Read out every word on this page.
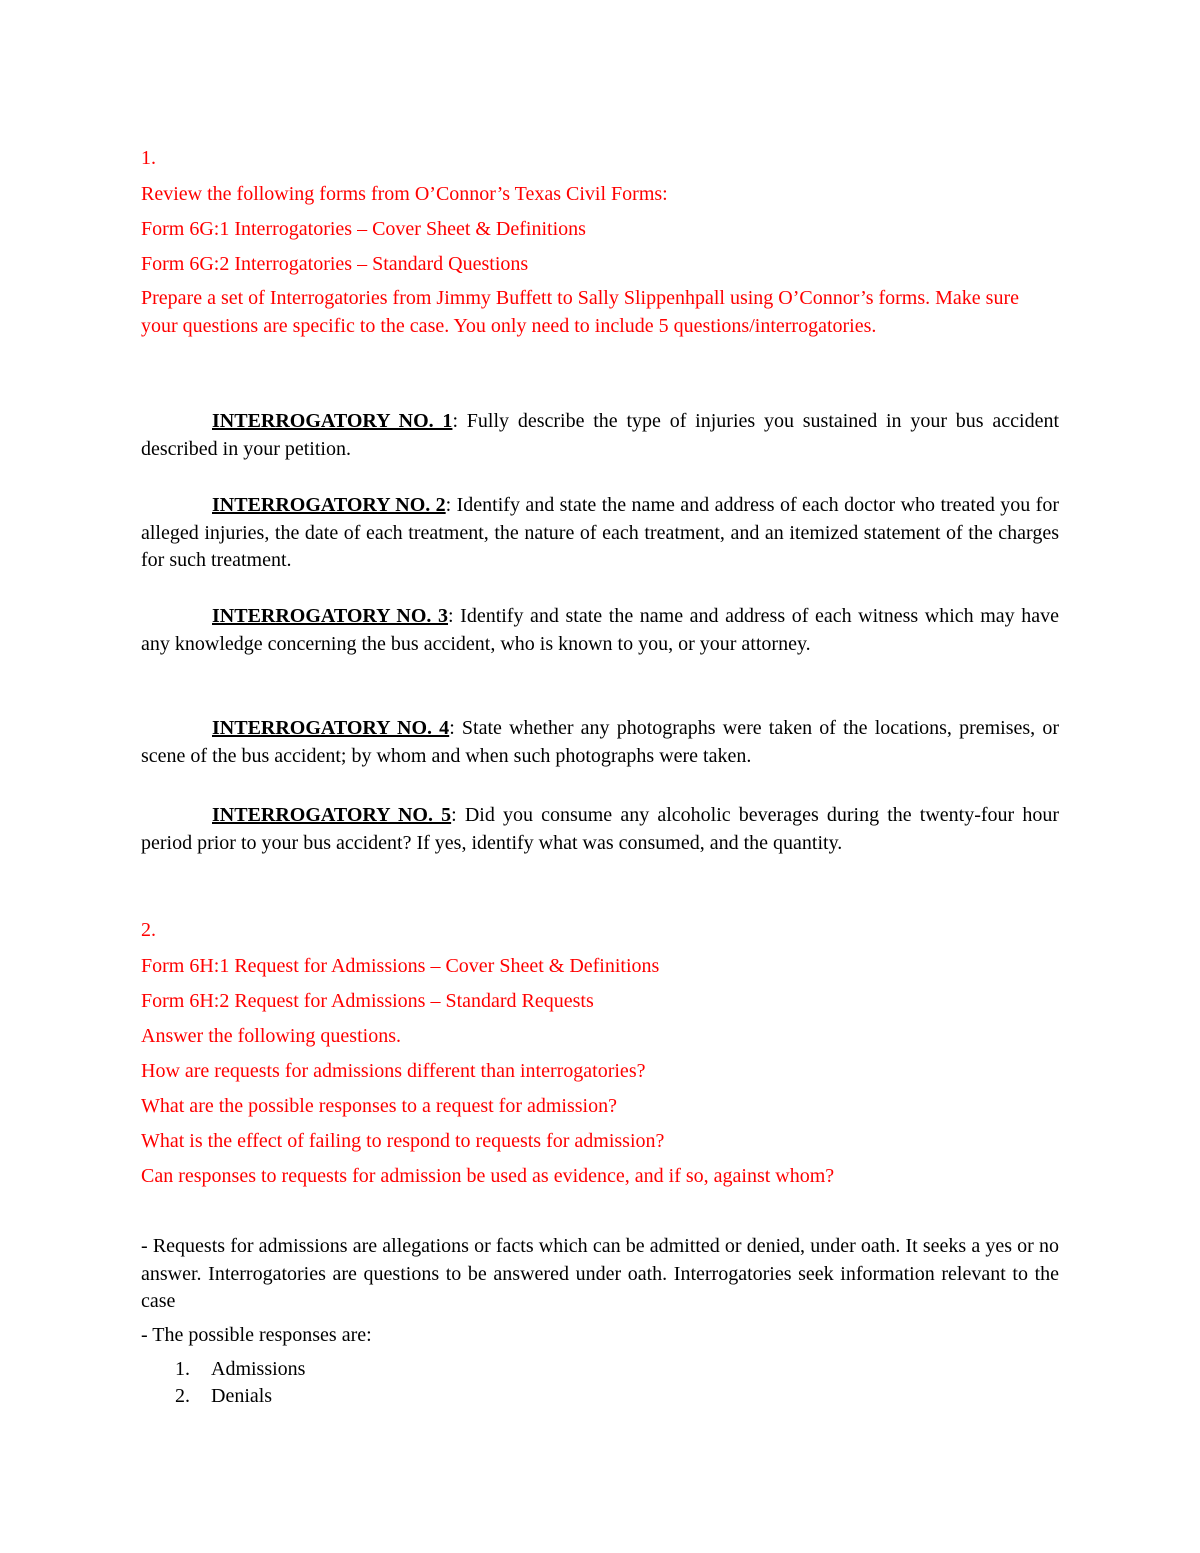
1.
Review the following forms from O’Connor’s Texas Civil Forms:
Form 6G:1 Interrogatories – Cover Sheet & Definitions
Form 6G:2 Interrogatories – Standard Questions
Prepare a set of Interrogatories from Jimmy Buffett to Sally Slippenhpall using O’Connor’s forms. Make sure your questions are specific to the case. You only need to include 5 questions/interrogatories.
INTERROGATORY NO. 1: Fully describe the type of injuries you sustained in your bus accident described in your petition.
INTERROGATORY NO. 2: Identify and state the name and address of each doctor who treated you for alleged injuries, the date of each treatment, the nature of each treatment, and an itemized statement of the charges for such treatment.
INTERROGATORY NO. 3: Identify and state the name and address of each witness which may have any knowledge concerning the bus accident, who is known to you, or your attorney.
INTERROGATORY NO. 4: State whether any photographs were taken of the locations, premises, or scene of the bus accident; by whom and when such photographs were taken.
INTERROGATORY NO. 5: Did you consume any alcoholic beverages during the twenty-four hour period prior to your bus accident? If yes, identify what was consumed, and the quantity.
2.
Form 6H:1 Request for Admissions – Cover Sheet & Definitions
Form 6H:2 Request for Admissions – Standard Requests
Answer the following questions.
How are requests for admissions different than interrogatories?
What are the possible responses to a request for admission?
What is the effect of failing to respond to requests for admission?
Can responses to requests for admission be used as evidence, and if so, against whom?
- Requests for admissions are allegations or facts which can be admitted or denied, under oath. It seeks a yes or no answer. Interrogatories are questions to be answered under oath. Interrogatories seek information relevant to the case
- The possible responses are:
1. Admissions
2. Denials
